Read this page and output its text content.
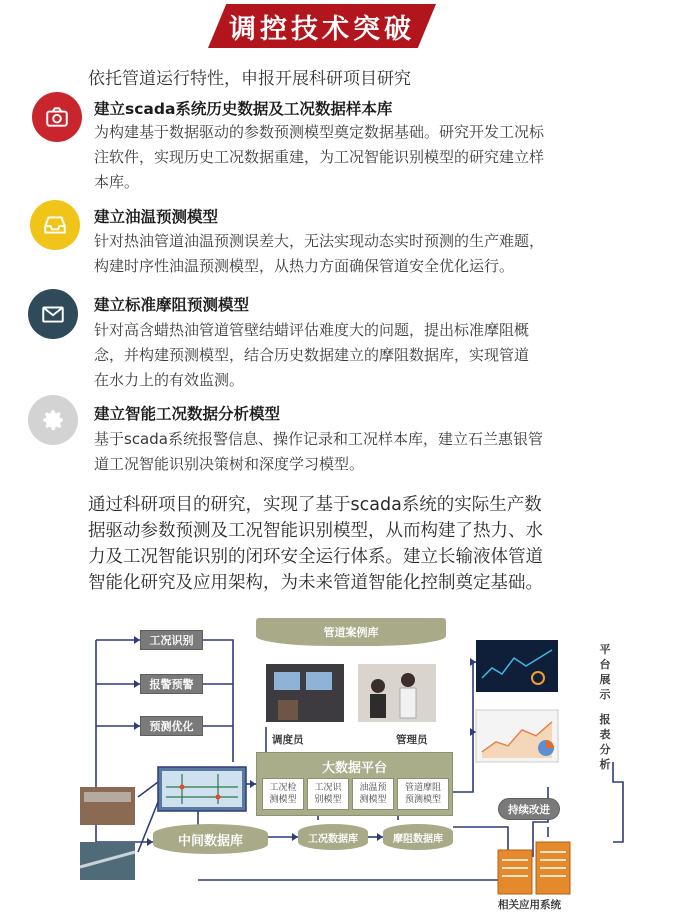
调控技术突破
依托管道运行特性，申报开展科研项目研究
建立scada系统历史数据及工况数据样本库
为构建基于数据驱动的参数预测模型奠定数据基础。研究开发工况标
注软件，实现历史工况数据重建，为工况智能识别模型的研究建立样
本库。
建立油温预测模型
针对热油管道油温预测误差大，无法实现动态实时预测的生产难题，
构建时序性油温预测模型，从热力方面确保管道安全优化运行。
建立标准摩阻预测模型
针对高含蜡热油管道管壁结蜡评估难度大的问题，提出标准摩阻概
念，并构建预测模型，结合历史数据建立的摩阻数据库，实现管道
在水力上的有效监测。
建立智能工况数据分析模型
基于scada系统报警信息、操作记录和工况样本库，建立石兰惠银管
道工况智能识别决策树和深度学习模型。
通过科研项目的研究，实现了基于scada系统的实际生产数
据驱动参数预测及工况智能识别模型，从而构建了热力、水
力及工况智能识别的闭环安全运行体系。建立长输液体管道
智能化研究及应用架构，为未来管道智能化控制奠定基础。
工况识别
报警预警
预测优化
管道案例库
调度员	管理员
大数据平台
工况检
测模型
工况识
别模型
油温预
测模型
管道摩阻
预测模型
中间数据库	工况数据库	摩阻数据库
持续改进
平台展示
报表分析
相关应用系统
